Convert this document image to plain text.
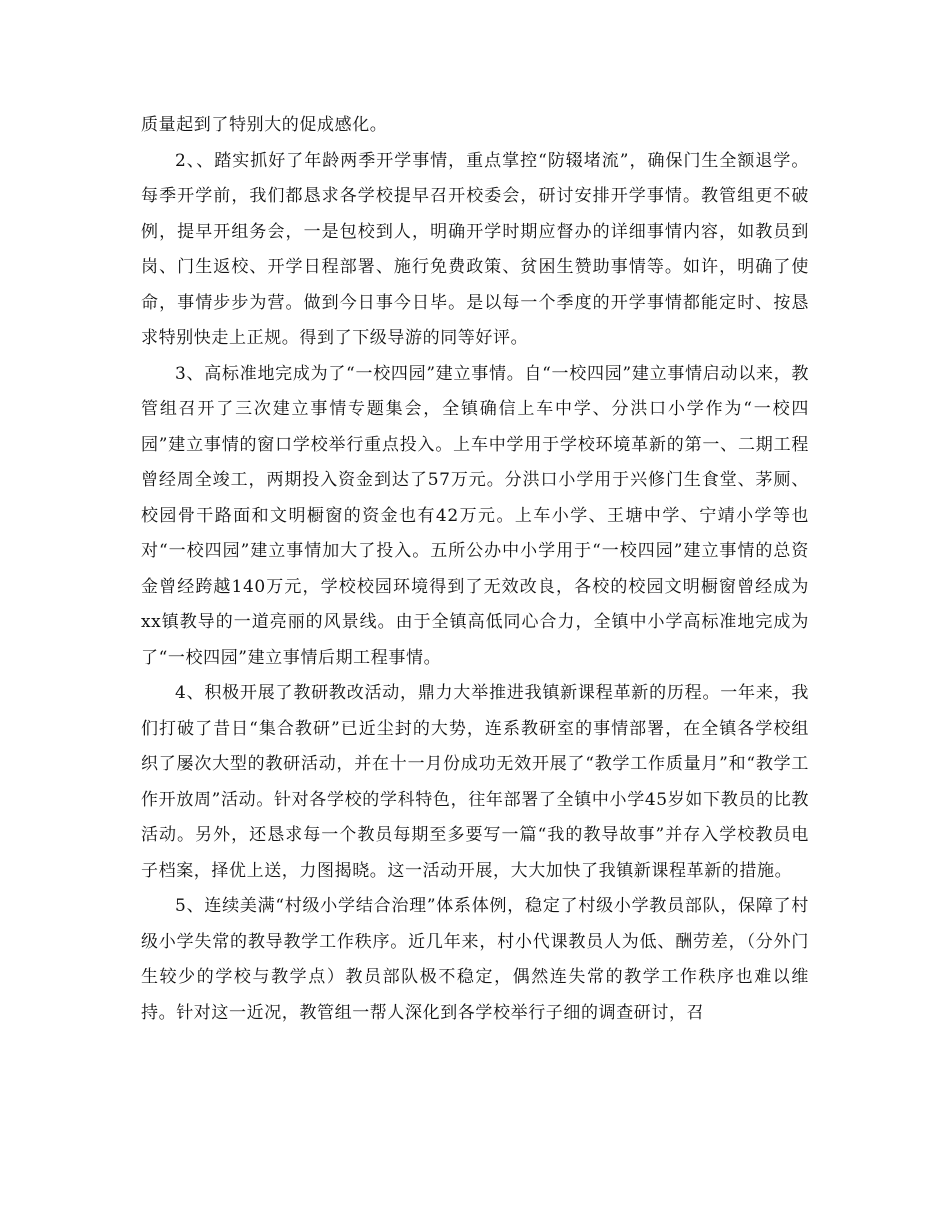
质量起到了特别大的促成感化。

2、、踏实抓好了年龄两季开学事情，重点掌控“防辍堵流”，确保门生全额退学。每季开学前，我们都恳求各学校提早召开校委会，研讨安排开学事情。教管组更不破例，提早开组务会，一是包校到人，明确开学时期应督办的详细事情内容，如教员到岗、门生返校、开学日程部署、施行免费政策、贫困生赞助事情等。如许，明确了使命，事情步步为营。做到今日事今日毕。是以每一个季度的开学事情都能定时、按恳求特别快走上正规。得到了下级导游的同等好评。

3、高标准地完成为了“一校四园”建立事情。自“一校四园”建立事情启动以来，教管组召开了三次建立事情专题集会，全镇确信上车中学、分洪口小学作为“一校四园”建立事情的窗口学校举行重点投入。上车中学用于学校环境革新的第一、二期工程曾经周全竣工，两期投入资金到达了57万元。分洪口小学用于兴修门生食堂、茅厕、校园骨干路面和文明橱窗的资金也有42万元。上车小学、王塘中学、宁靖小学等也对“一校四园”建立事情加大了投入。五所公办中小学用于“一校四园”建立事情的总资金曾经跨越140万元，学校校园环境得到了无效改良，各校的校园文明橱窗曾经成为xx镇教导的一道亮丽的风景线。由于全镇高低同心合力，全镇中小学高标准地完成为了“一校四园”建立事情后期工程事情。

4、积极开展了教研教改活动，鼎力大举推进我镇新课程革新的历程。一年来，我们打破了昔日“集合教研”已近尘封的大势，连系教研室的事情部署，在全镇各学校组织了屡次大型的教研活动，并在十一月份成功无效开展了“教学工作质量月”和“教学工作开放周”活动。针对各学校的学科特色，往年部署了全镇中小学45岁如下教员的比教活动。另外，还恳求每一个教员每期至多要写一篇“我的教导故事”并存入学校教员电子档案，择优上送，力图揭晓。这一活动开展，大大加快了我镇新课程革新的措施。

5、连续美满“村级小学结合治理”体系体例，稳定了村级小学教员部队，保障了村级小学失常的教导教学工作秩序。近几年来，村小代课教员人为低、酬劳差，（分外门生较少的学校与教学点）教员部队极不稳定，偶然连失常的教学工作秩序也难以维持。针对这一近况，教管组一帮人深化到各学校举行子细的调查研讨，召
